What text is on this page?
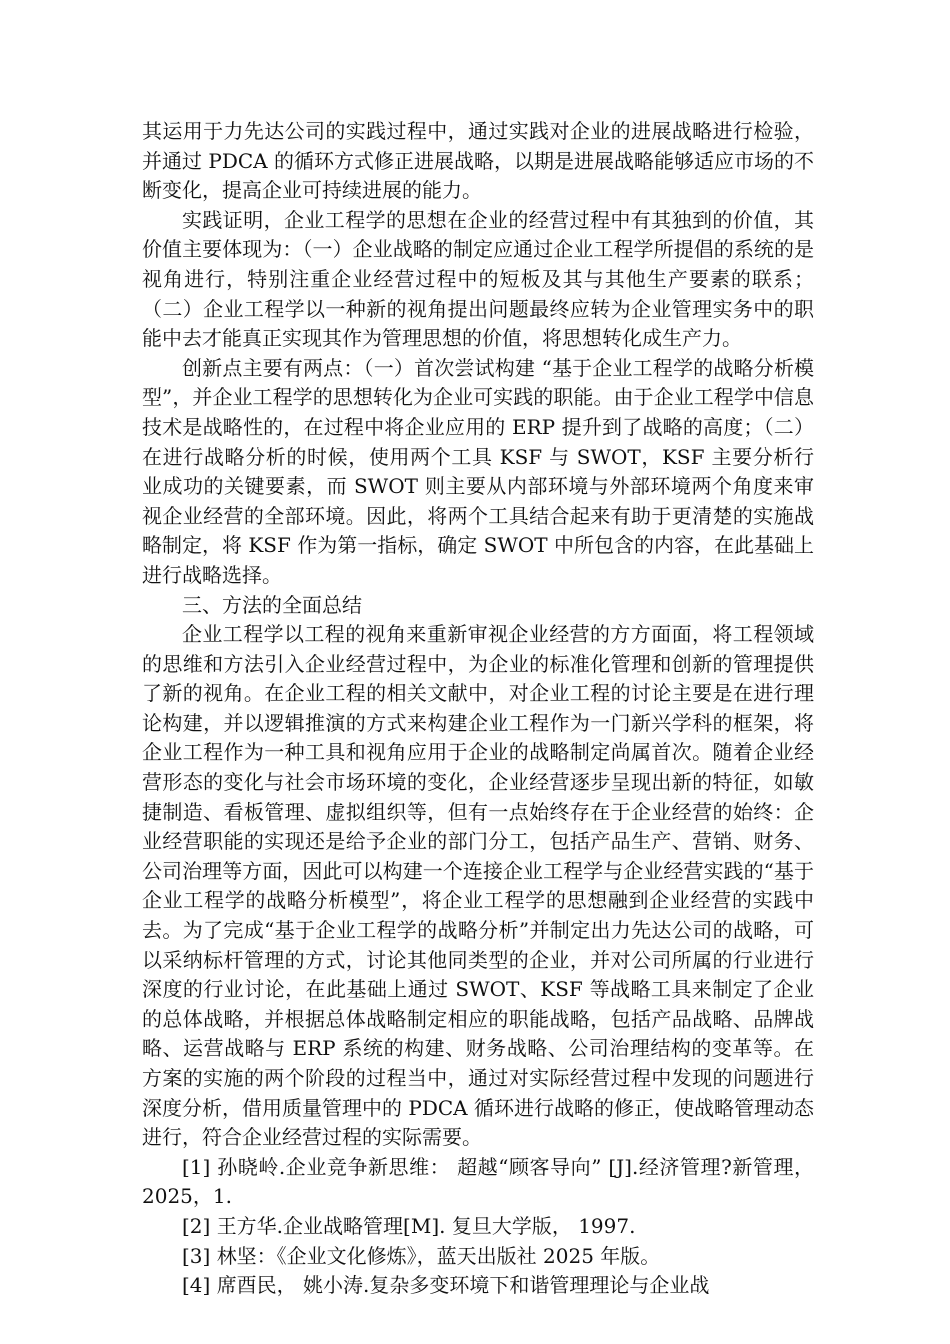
其运用于力先达公司的实践过程中，通过实践对企业的进展战略进行检验，并通过 PDCA 的循环方式修正进展战略，以期是进展战略能够适应市场的不断变化，提高企业可持续进展的能力。

实践证明，企业工程学的思想在企业的经营过程中有其独到的价值，其价值主要体现为：（一）企业战略的制定应通过企业工程学所提倡的系统的是视角进行，特别注重企业经营过程中的短板及其与其他生产要素的联系；（二）企业工程学以一种新的视角提出问题最终应转为企业管理实务中的职能中去才能真正实现其作为管理思想的价值，将思想转化成生产力。

创新点主要有两点：（一）首次尝试构建 “基于企业工程学的战略分析模型”，并企业工程学的思想转化为企业可实践的职能。由于企业工程学中信息技术是战略性的，在过程中将企业应用的 ERP 提升到了战略的高度；（二）在进行战略分析的时候，使用两个工具 KSF 与 SWOT，KSF 主要分析行业成功的关键要素，而 SWOT 则主要从内部环境与外部环境两个角度来审视企业经营的全部环境。因此，将两个工具结合起来有助于更清楚的实施战略制定，将 KSF 作为第一指标，确定 SWOT 中所包含的内容，在此基础上进行战略选择。

三、方法的全面总结

企业工程学以工程的视角来重新审视企业经营的方方面面，将工程领域的思维和方法引入企业经营过程中，为企业的标准化管理和创新的管理提供了新的视角。在企业工程的相关文献中，对企业工程的讨论主要是在进行理论构建，并以逻辑推演的方式来构建企业工程作为一门新兴学科的框架，将企业工程作为一种工具和视角应用于企业的战略制定尚属首次。随着企业经营形态的变化与社会市场环境的变化，企业经营逐步呈现出新的特征，如敏捷制造、看板管理、虚拟组织等，但有一点始终存在于企业经营的始终：企业经营职能的实现还是给予企业的部门分工，包括产品生产、营销、财务、公司治理等方面，因此可以构建一个连接企业工程学与企业经营实践的“基于企业工程学的战略分析模型”，将企业工程学的思想融到企业经营的实践中去。为了完成“基于企业工程学的战略分析”并制定出力先达公司的战略，可以采纳标杆管理的方式，讨论其他同类型的企业，并对公司所属的行业进行深度的行业讨论，在此基础上通过 SWOT、KSF 等战略工具来制定了企业的总体战略，并根据总体战略制定相应的职能战略，包括产品战略、品牌战略、运营战略与 ERP 系统的构建、财务战略、公司治理结构的变革等。在方案的实施的两个阶段的过程当中，通过对实际经营过程中发现的问题进行深度分析，借用质量管理中的 PDCA 循环进行战略的修正，使战略管理动态进行，符合企业经营过程的实际需要。

[1] 孙晓岭.企业竞争新思维： 超越“顾客导向” [J].经济管理?新管理， 2025，1.

[2] 王方华.企业战略管理[M]. 复旦大学版， 1997.

[3] 林坚：《企业文化修炼》，蓝天出版社 2025 年版。

[4] 席酉民， 姚小涛.复杂多变环境下和谐管理理论与企业战
